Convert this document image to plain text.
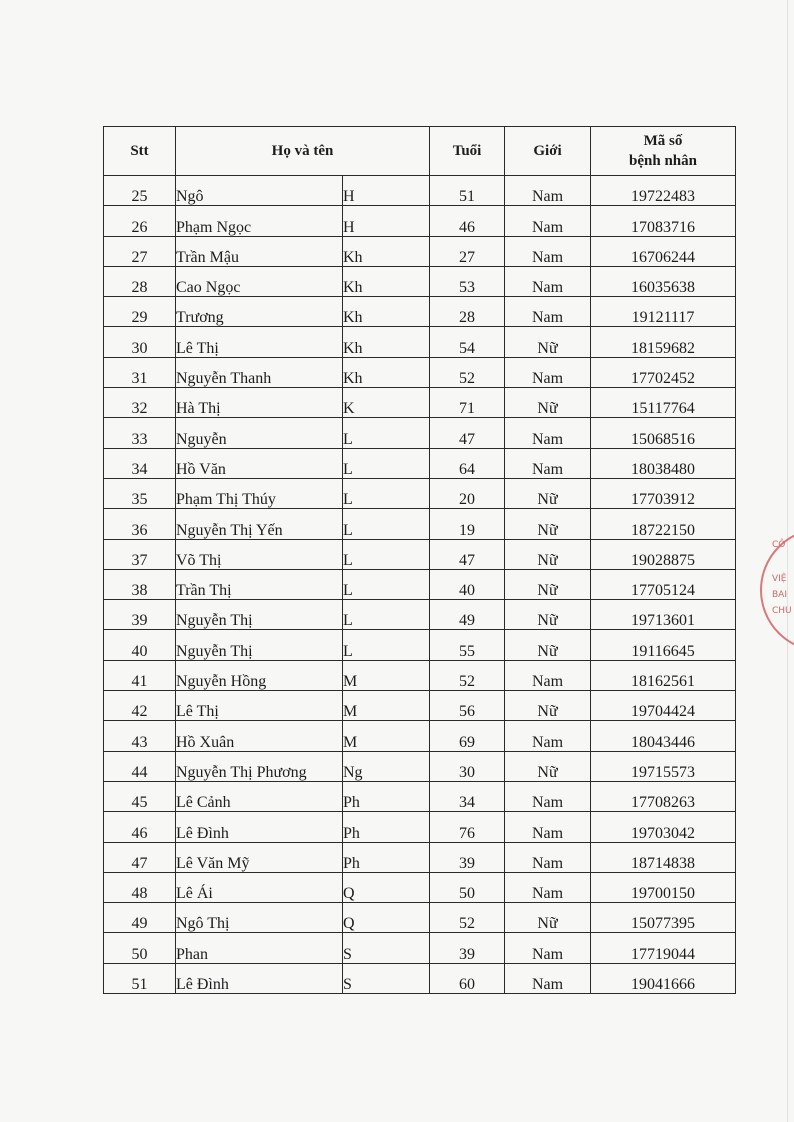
Stt	Họ và tên		Tuổi	Giới	Mã số
bệnh nhân

25	Ngô	H	51	Nam	19722483
26	Phạm Ngọc	H	46	Nam	17083716
27	Trần Mậu	Kh	27	Nam	16706244
28	Cao Ngọc	Kh	53	Nam	16035638
29	Trương	Kh	28	Nam	19121117
30	Lê Thị	Kh	54	Nữ	18159682
31	Nguyễn Thanh	Kh	52	Nam	17702452
32	Hà Thị	K	71	Nữ	15117764
33	Nguyễn	L	47	Nam	15068516
34	Hồ Văn	L	64	Nam	18038480
35	Phạm Thị Thúy	L	20	Nữ	17703912
36	Nguyễn Thị Yến	L	19	Nữ	18722150
37	Võ Thị	L	47	Nữ	19028875
38	Trần Thị	L	40	Nữ	17705124
39	Nguyễn Thị	L	49	Nữ	19713601
40	Nguyễn Thị	L	55	Nữ	19116645
41	Nguyễn Hồng	M	52	Nam	18162561
42	Lê Thị	M	56	Nữ	19704424
43	Hồ Xuân	M	69	Nam	18043446
44	Nguyễn Thị Phương	Ng	30	Nữ	19715573
45	Lê Cảnh	Ph	34	Nam	17708263
46	Lê Đình	Ph	76	Nam	19703042
47	Lê Văn Mỹ	Ph	39	Nam	18714838
48	Lê Ái	Q	50	Nam	19700150
49	Ngô Thị	Q	52	Nữ	15077395
50	Phan	S	39	Nam	17719044
51	Lê Đình	S	60	Nam	19041666
CÔ
VIỆ
BAI
CHU
